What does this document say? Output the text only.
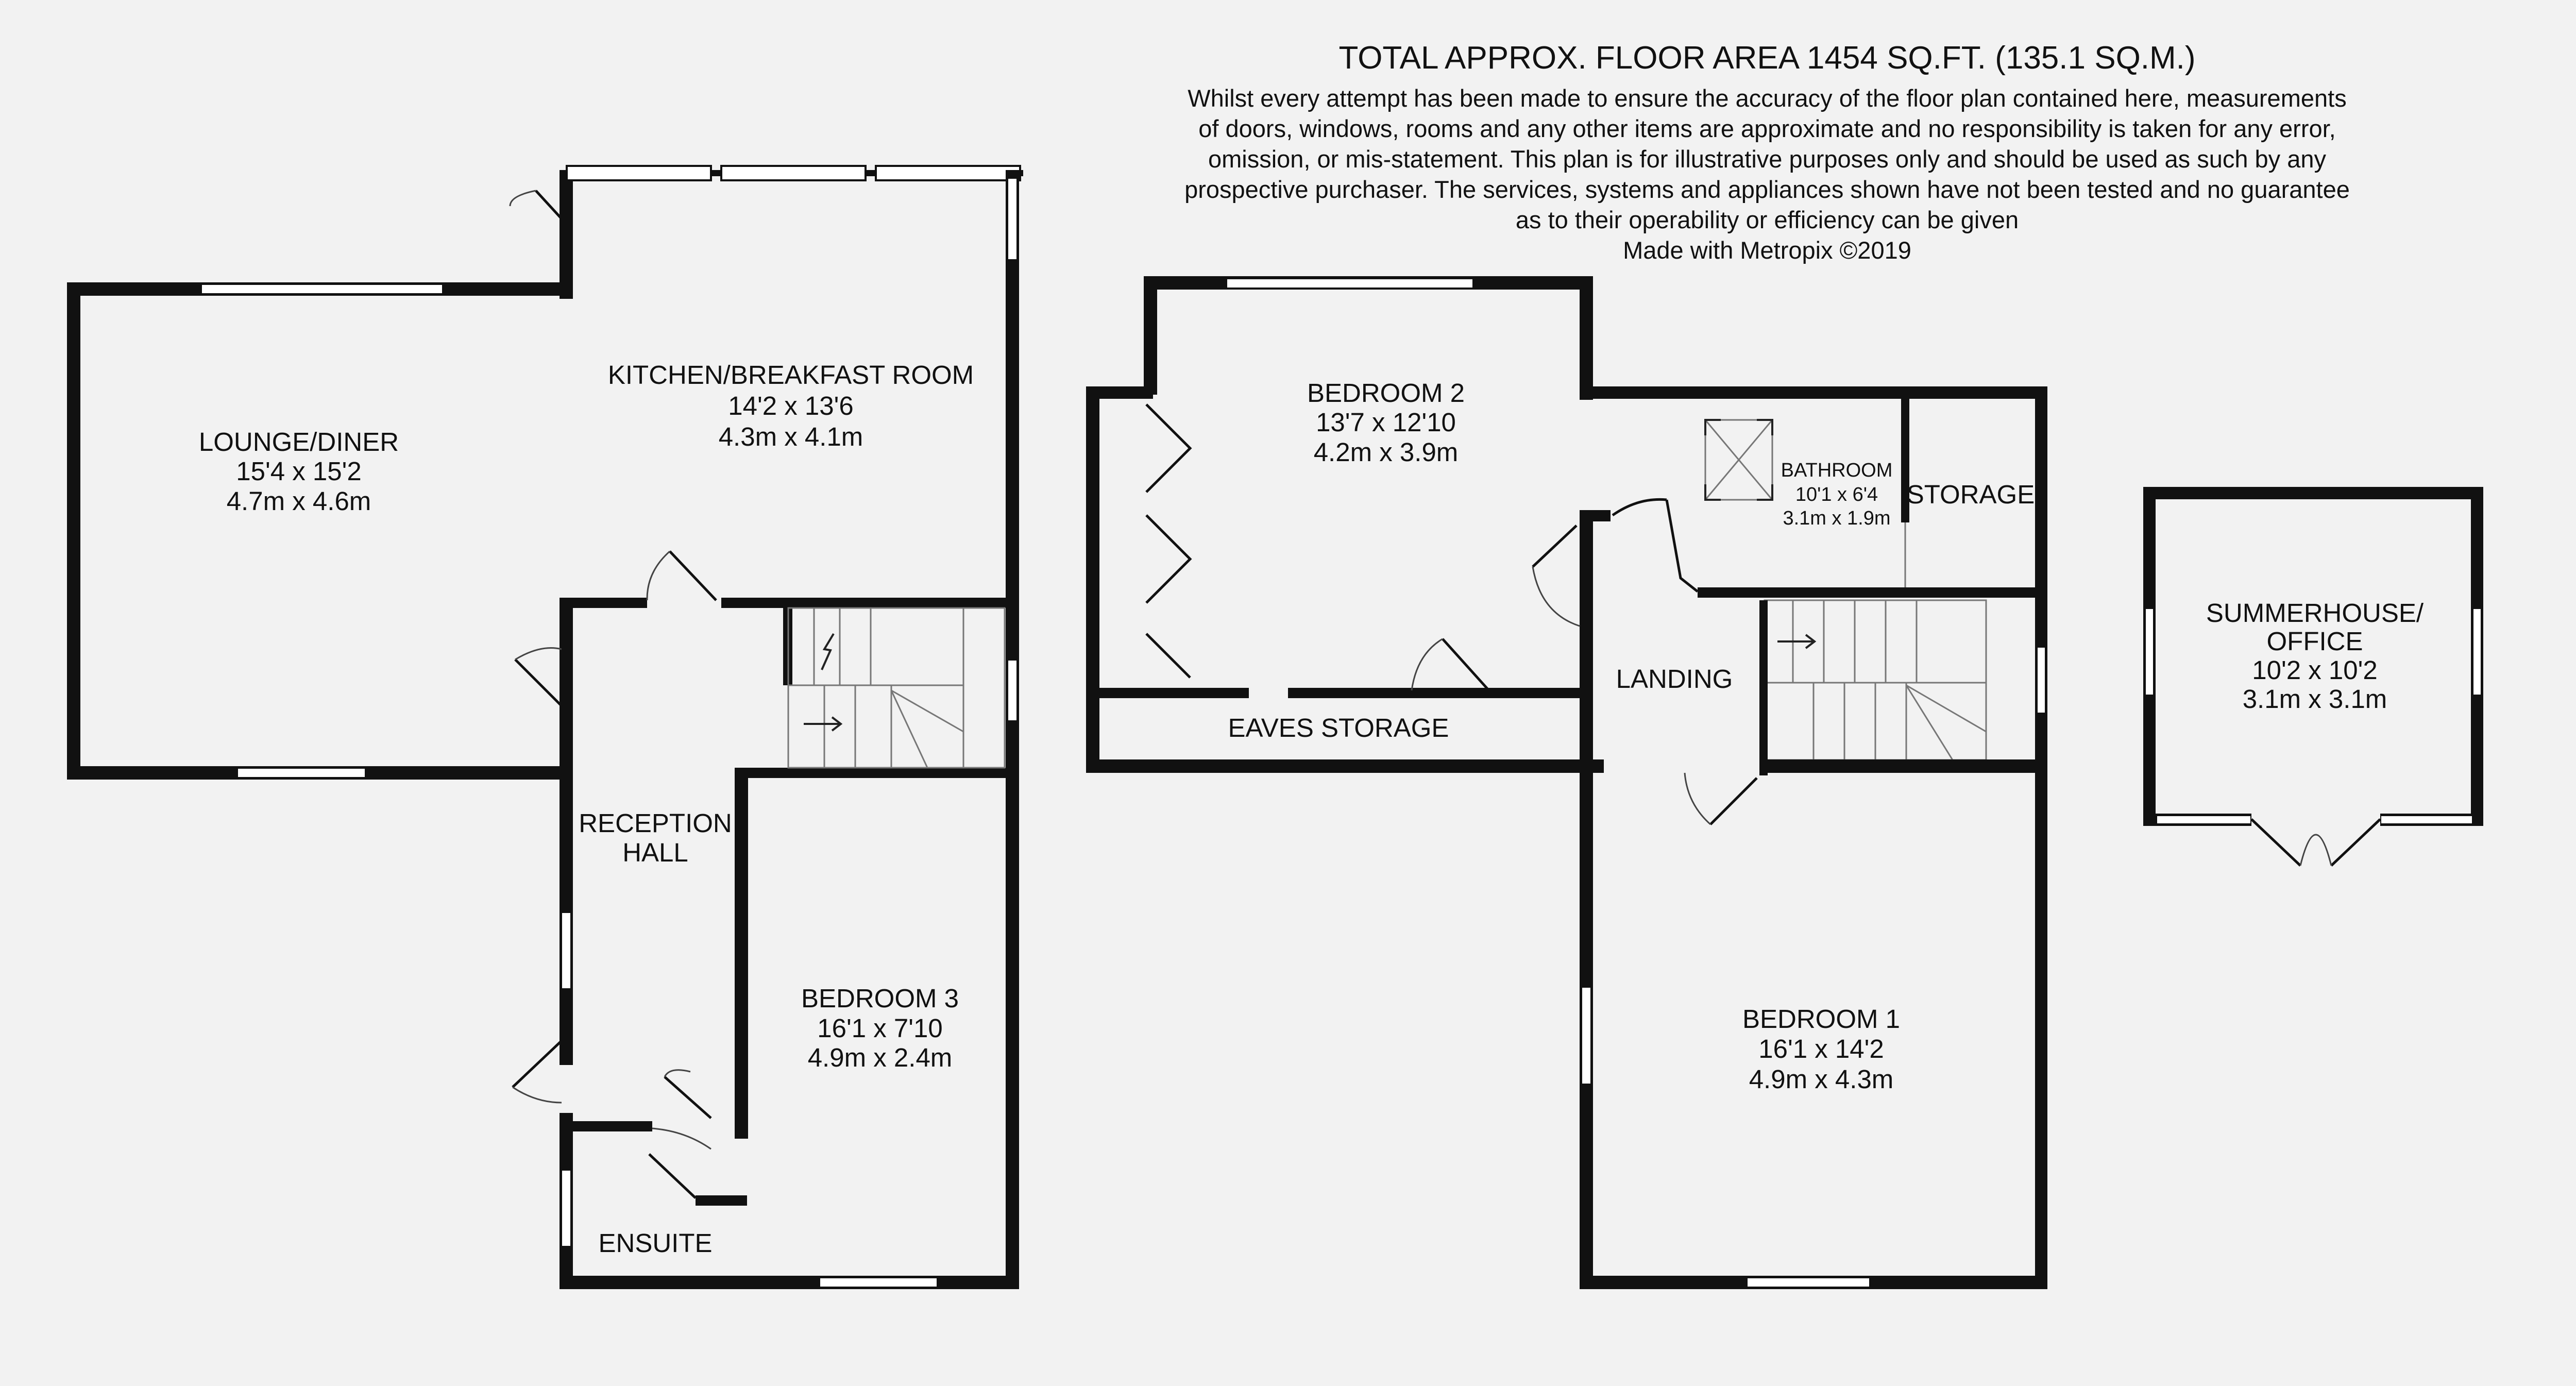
TOTAL APPROX. FLOOR AREA 1454 SQ.FT. (135.1 SQ.M.)
Whilst every attempt has been made to ensure the accuracy of the floor plan contained here, measurements
of doors, windows, rooms and any other items are approximate and no responsibility is taken for any error,
omission, or mis-statement. This plan is for illustrative purposes only and should be used as such by any
prospective purchaser. The services, systems and appliances shown have not been tested and no guarantee
as to their operability or efficiency can be given
Made with Metropix ©2019
KITCHEN/BREAKFAST ROOM
14'2 x 13'6
4.3m x 4.1m
LOUNGE/DINER
15'4 x 15'2
4.7m x 4.6m
RECEPTION
HALL
BEDROOM 3
16'1 x 7'10
4.9m x 2.4m
ENSUITE
BEDROOM 2
13'7 x 12'10
4.2m x 3.9m
EAVES STORAGE
BATHROOM
10'1 x 6'4
3.1m x 1.9m
STORAGE
LANDING
BEDROOM 1
16'1 x 14'2
4.9m x 4.3m
SUMMERHOUSE/
OFFICE
10'2 x 10'2
3.1m x 3.1m
